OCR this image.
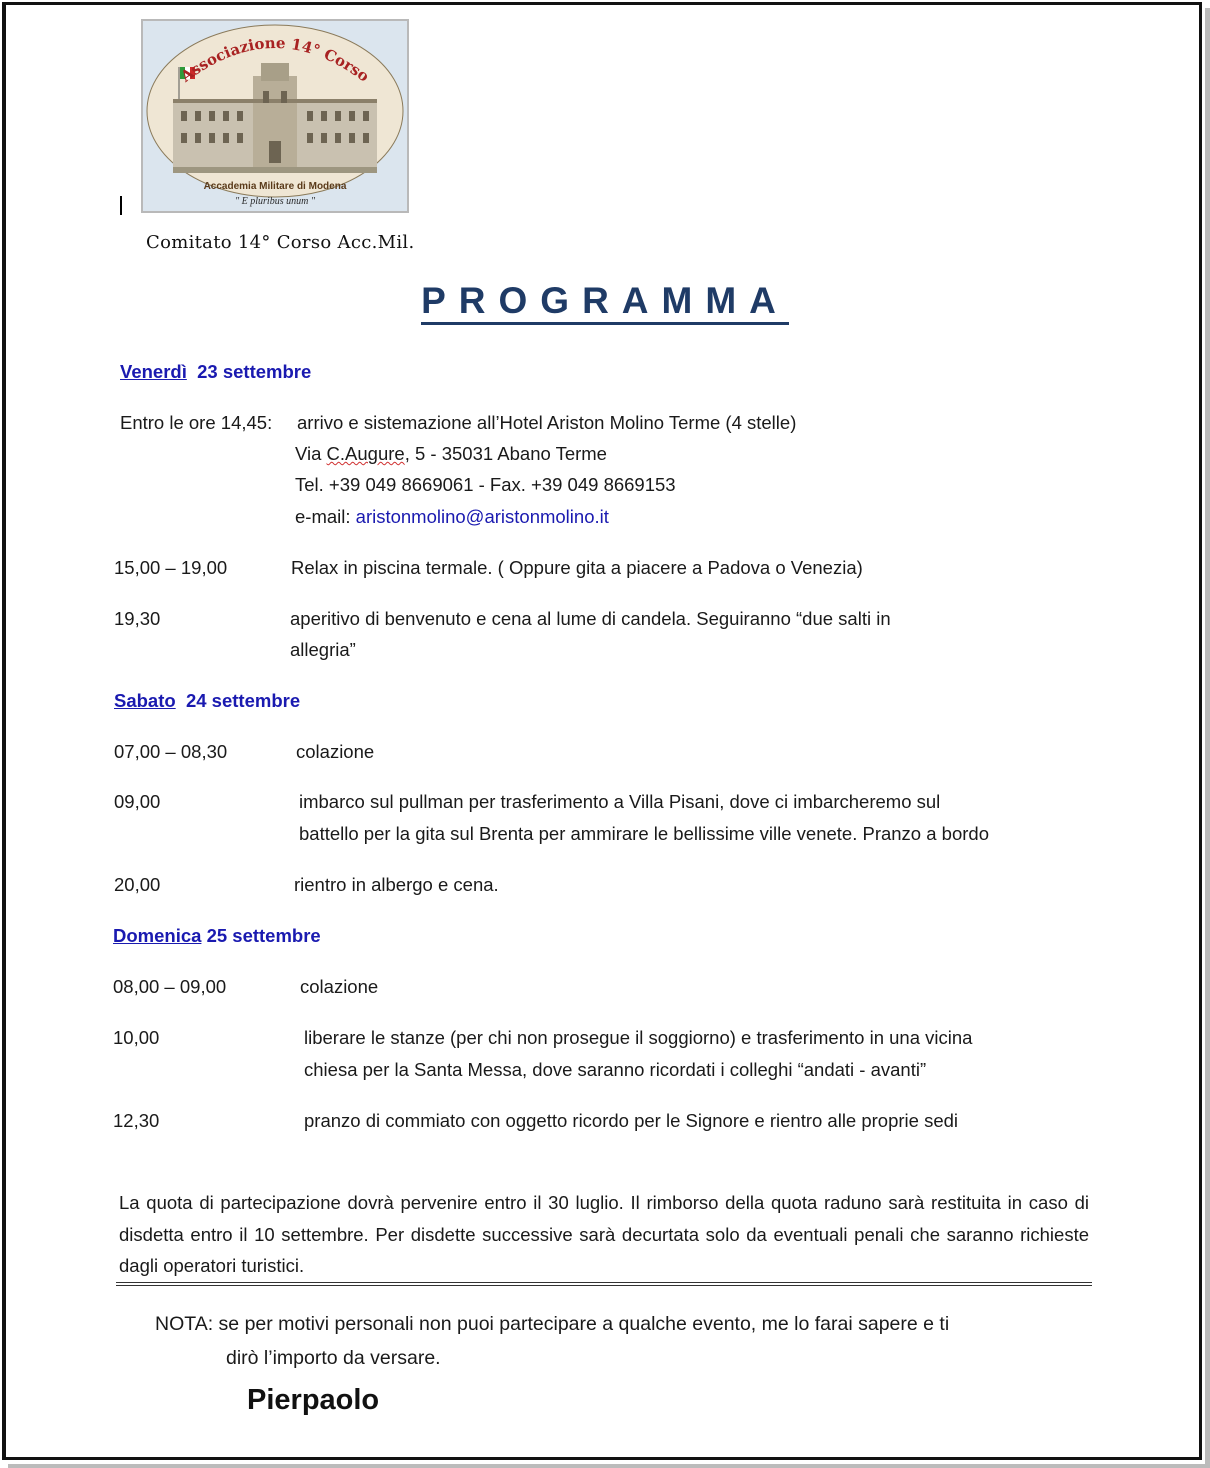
Associazione 14° Corso
Accademia Militare di Modena
" E pluribus unum "
Comitato 14° Corso Acc.Mil.
PROGRAMMA
Venerdì 23 settembre
Entro le ore 14,45: arrivo e sistemazione all’Hotel Ariston Molino Terme (4 stelle)
Via C.Augure, 5 - 35031 Abano Terme
Tel. +39 049 8669061 - Fax. +39 049 8669153
e-mail: aristonmolino@aristonmolino.it
15,00 – 19,00	Relax in piscina termale. ( Oppure gita a piacere a Padova o Venezia)
19,30	aperitivo di benvenuto e cena al lume di candela. Seguiranno “due salti in
allegria”
Sabato 24 settembre
07,00 – 08,30	colazione
09,00	imbarco sul pullman per trasferimento a Villa Pisani, dove ci imbarcheremo sul
battello per la gita sul Brenta per ammirare le bellissime ville venete. Pranzo a bordo
20,00	rientro in albergo e cena.
Domenica 25 settembre
08,00 – 09,00	colazione
10,00	liberare le stanze (per chi non prosegue il soggiorno) e trasferimento in una vicina
chiesa per la Santa Messa, dove saranno ricordati i colleghi “andati - avanti”
12,30	pranzo di commiato con oggetto ricordo per le Signore e rientro alle proprie sedi
La quota di partecipazione dovrà pervenire entro il 30 luglio. Il rimborso della quota raduno sarà restituita in caso di disdetta entro il 10 settembre. Per disdette successive sarà decurtata solo da eventuali penali che saranno richieste dagli operatori turistici.
NOTA: se per motivi personali non puoi partecipare a qualche evento, me lo farai sapere e ti
dirò l’importo da versare.
Pierpaolo
